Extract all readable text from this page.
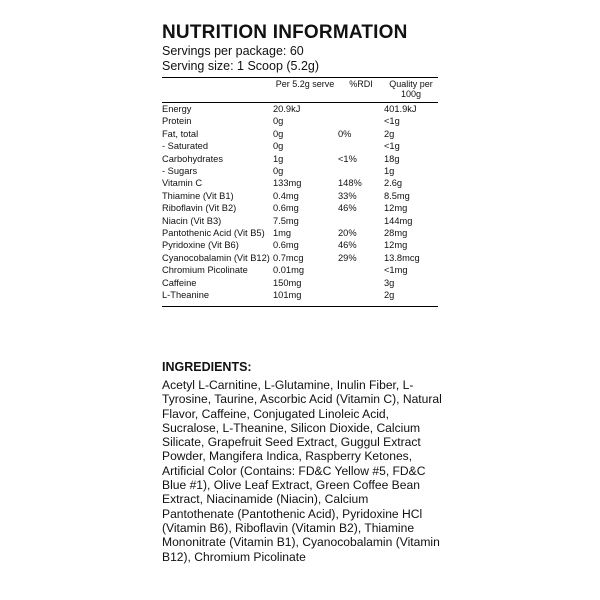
NUTRITION INFORMATION
Servings per package: 60
Serving size: 1 Scoop (5.2g)
	Per 5.2g serve	%RDI	Quality per 100g
Energy	20.9kJ		401.9kJ
Protein	0g		<1g
Fat, total	0g	0%	2g
- Saturated	0g		<1g
Carbohydrates	1g	<1%	18g
- Sugars	0g		1g
Vitamin C	133mg	148%	2.6g
Thiamine (Vit B1)	0.4mg	33%	8.5mg
Riboflavin (Vit B2)	0.6mg	46%	12mg
Niacin (Vit B3)	7.5mg		144mg
Pantothenic Acid (Vit B5)	1mg	20%	28mg
Pyridoxine (Vit B6)	0.6mg	46%	12mg
Cyanocobalamin (Vit B12)	0.7mcg	29%	13.8mcg
Chromium Picolinate	0.01mg		<1mg
Caffeine	150mg		3g
L-Theanine	101mg		2g
INGREDIENTS:

Acetyl L-Carnitine, L-Glutamine, Inulin Fiber, L-Tyrosine, Taurine, Ascorbic Acid (Vitamin C), Natural Flavor, Caffeine, Conjugated Linoleic Acid, Sucralose, L-Theanine, Silicon Dioxide, Calcium Silicate, Grapefruit Seed Extract, Guggul Extract Powder, Mangifera Indica, Raspberry Ketones, Artificial Color (Contains: FD&C Yellow #5, FD&C Blue #1), Olive Leaf Extract, Green Coffee Bean Extract, Niacinamide (Niacin), Calcium Pantothenate (Pantothenic Acid), Pyridoxine HCl (Vitamin B6), Riboflavin (Vitamin B2), Thiamine Mononitrate (Vitamin B1), Cyanocobalamin (Vitamin B12), Chromium Picolinate
